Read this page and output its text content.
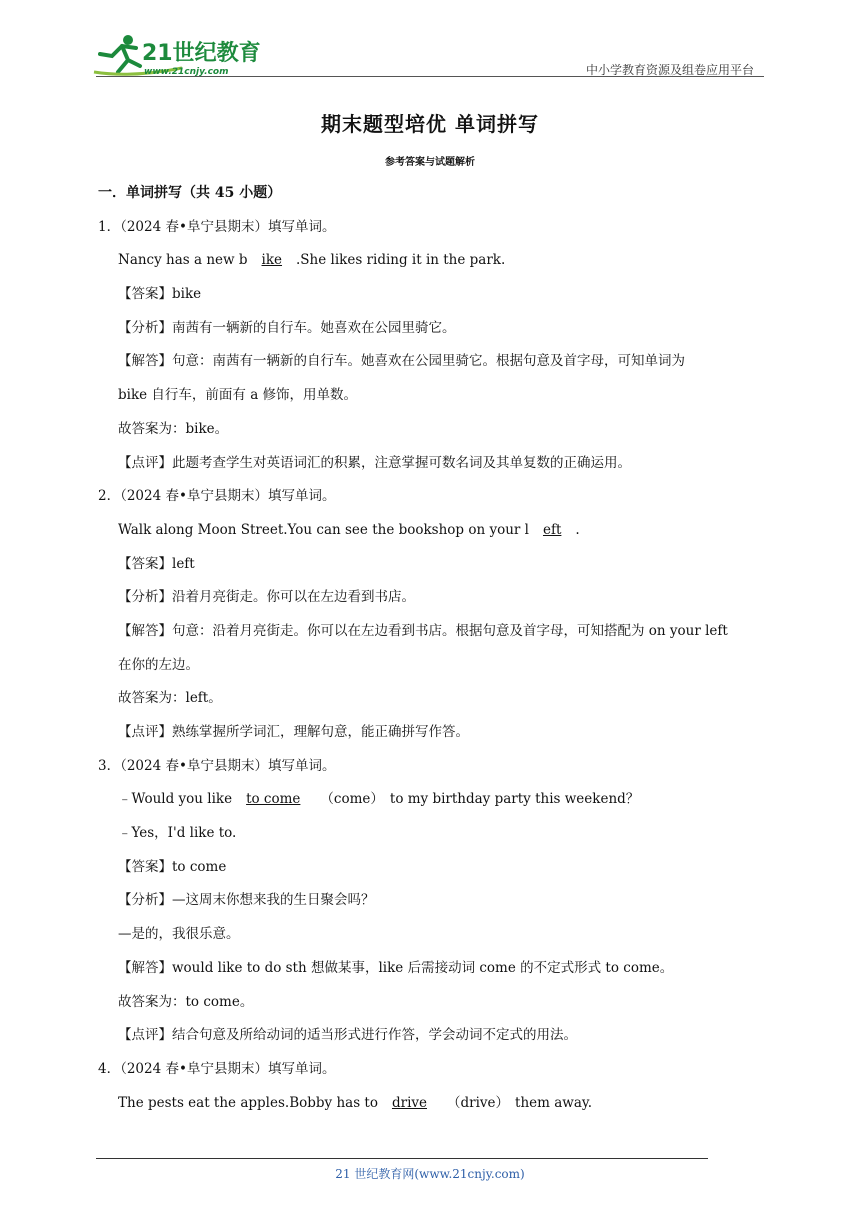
21世纪教育
www.21cnjy.com	中小学教育资源及组卷应用平台
期末题型培优 单词拼写
参考答案与试题解析
一．单词拼写（共 45 小题）
1．（2024 春•阜宁县期末）填写单词。
Nancy has a new b ike .She likes riding it in the park.
【答案】bike
【分析】南茜有一辆新的自行车。她喜欢在公园里骑它。
【解答】句意：南茜有一辆新的自行车。她喜欢在公园里骑它。根据句意及首字母，可知单词为
bike 自行车，前面有 a 修饰，用单数。
故答案为：bike。
【点评】此题考查学生对英语词汇的积累，注意掌握可数名词及其单复数的正确运用。
2．（2024 春•阜宁县期末）填写单词。
Walk along Moon Street.You can see the bookshop on your l eft .
【答案】left
【分析】沿着月亮街走。你可以在左边看到书店。
【解答】句意：沿着月亮街走。你可以在左边看到书店。根据句意及首字母，可知搭配为 on your left
在你的左边。
故答案为：left。
【点评】熟练掌握所学词汇，理解句意，能正确拼写作答。
3．（2024 春•阜宁县期末）填写单词。
﹣Would you like to come （come） to my birthday party this weekend？
﹣Yes，I'd like to.
【答案】to come
【分析】—这周末你想来我的生日聚会吗？
—是的，我很乐意。
【解答】would like to do sth 想做某事，like 后需接动词 come 的不定式形式 to come。
故答案为：to come。
【点评】结合句意及所给动词的适当形式进行作答，学会动词不定式的用法。
4．（2024 春•阜宁县期末）填写单词。
The pests eat the apples.Bobby has to drive （drive） them away.
21 世纪教育网(www.21cnjy.com)
